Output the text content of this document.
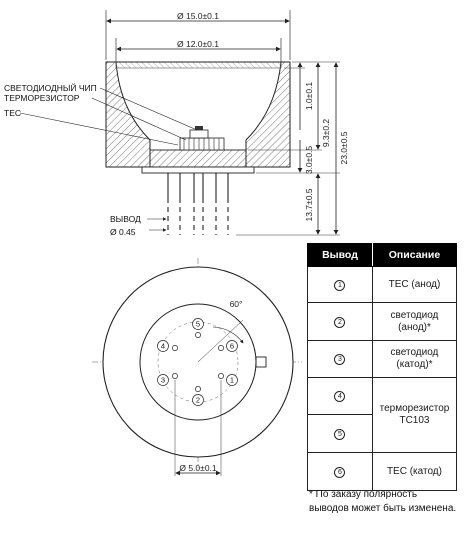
Ø 15.0±0.1
Ø 12.0±0.1
1.0±0.1
9.3±0.2
3.0±0.5	23.0±0.5
13.7±0.5
СВЕТОДИОДНЫЙ ЧИП
ТЕРМОРЕЗИСТОР
TEC
ВЫВОД
Ø 0.45
60°
5
6
1
2
3
4
Ø 5.0±0.1
Вывод	Описание
1	TEC (анод)
2	светодиод (анод)*
3	светодиод (катод)*
4	терморезистор TC103
5	
6	TEC (катод)
* По заказу полярность выводов может быть изменена.
